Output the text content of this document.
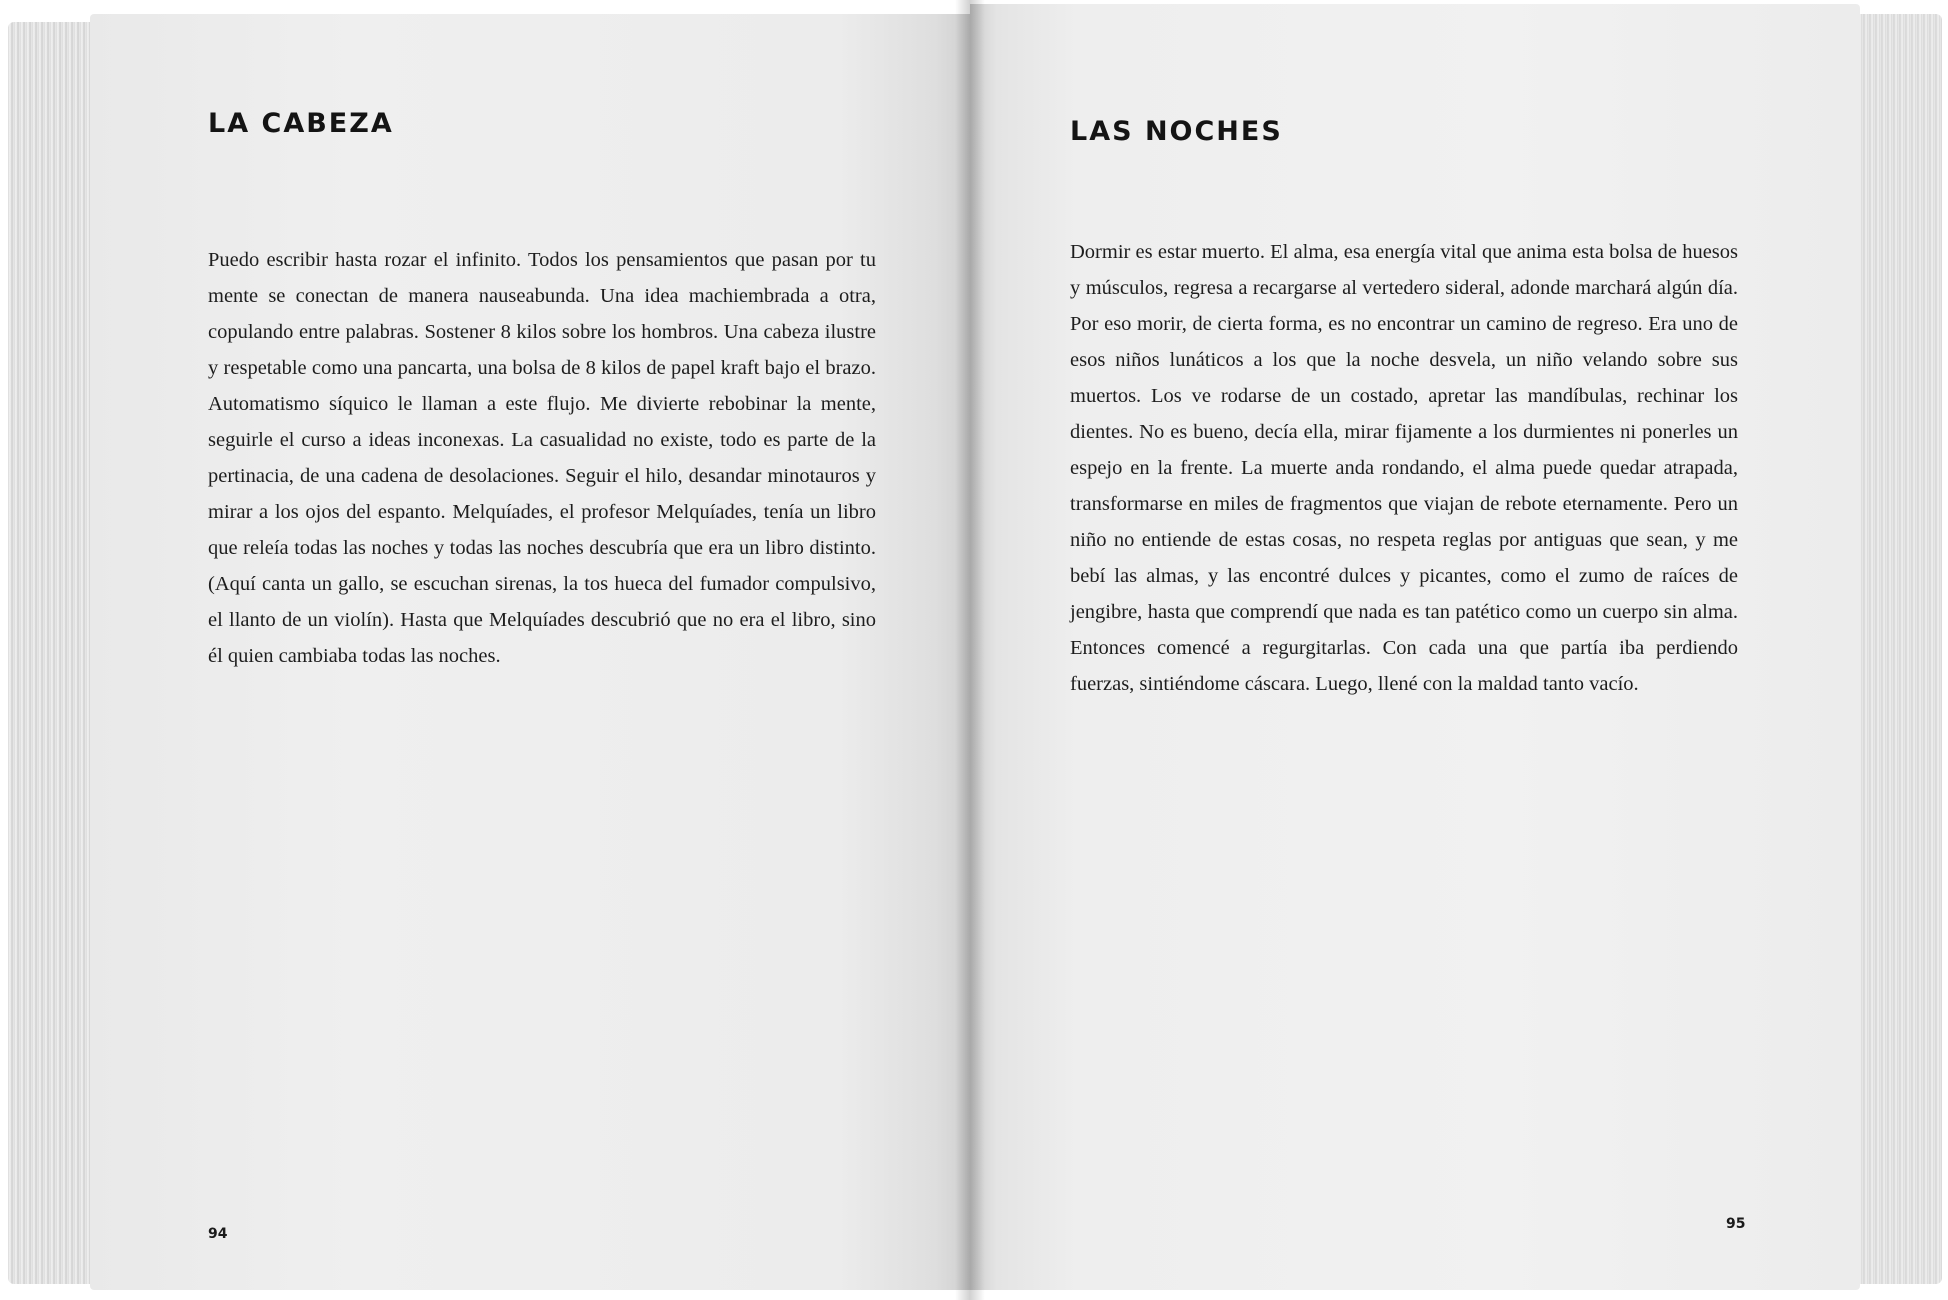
LA CABEZA

Puedo escribir hasta rozar el infinito. Todos los pensamientos que pasan por tu mente se conectan de manera nauseabunda. Una idea machiembrada a otra, copulando entre palabras. Sostener 8 kilos sobre los hombros. Una cabeza ilustre y respetable como una pancarta, una bolsa de 8 kilos de papel kraft bajo el brazo. Automatismo síquico le llaman a este flujo. Me divierte rebobinar la mente, seguirle el curso a ideas inconexas. La casualidad no existe, todo es parte de la pertinacia, de una cadena de desolaciones. Seguir el hilo, desandar minotauros y mirar a los ojos del espanto. Melquíades, el profesor Melquíades, tenía un libro que releía todas las noches y todas las noches descubría que era un libro distinto. (Aquí canta un gallo, se escuchan sirenas, la tos hueca del fumador compulsivo, el llanto de un violín). Hasta que Melquíades descubrió que no era el libro, sino él quien cambiaba todas las noches.

94
LAS NOCHES

Dormir es estar muerto. El alma, esa energía vital que anima esta bolsa de huesos y músculos, regresa a recargarse al vertedero sideral, adonde marchará algún día. Por eso morir, de cierta forma, es no encontrar un camino de regreso. Era uno de esos niños lunáticos a los que la noche desvela, un niño velando sobre sus muertos. Los ve rodarse de un costado, apretar las mandíbulas, rechinar los dientes. No es bueno, decía ella, mirar fijamente a los durmientes ni ponerles un espejo en la frente. La muerte anda rondando, el alma puede quedar atrapada, transformarse en miles de fragmentos que viajan de rebote eternamente. Pero un niño no entiende de estas cosas, no respeta reglas por antiguas que sean, y me bebí las almas, y las encontré dulces y picantes, como el zumo de raíces de jengibre, hasta que comprendí que nada es tan patético como un cuerpo sin alma. Entonces comencé a regurgitarlas. Con cada una que partía iba perdiendo fuerzas, sintiéndome cáscara. Luego, llené con la maldad tanto vacío.

95
